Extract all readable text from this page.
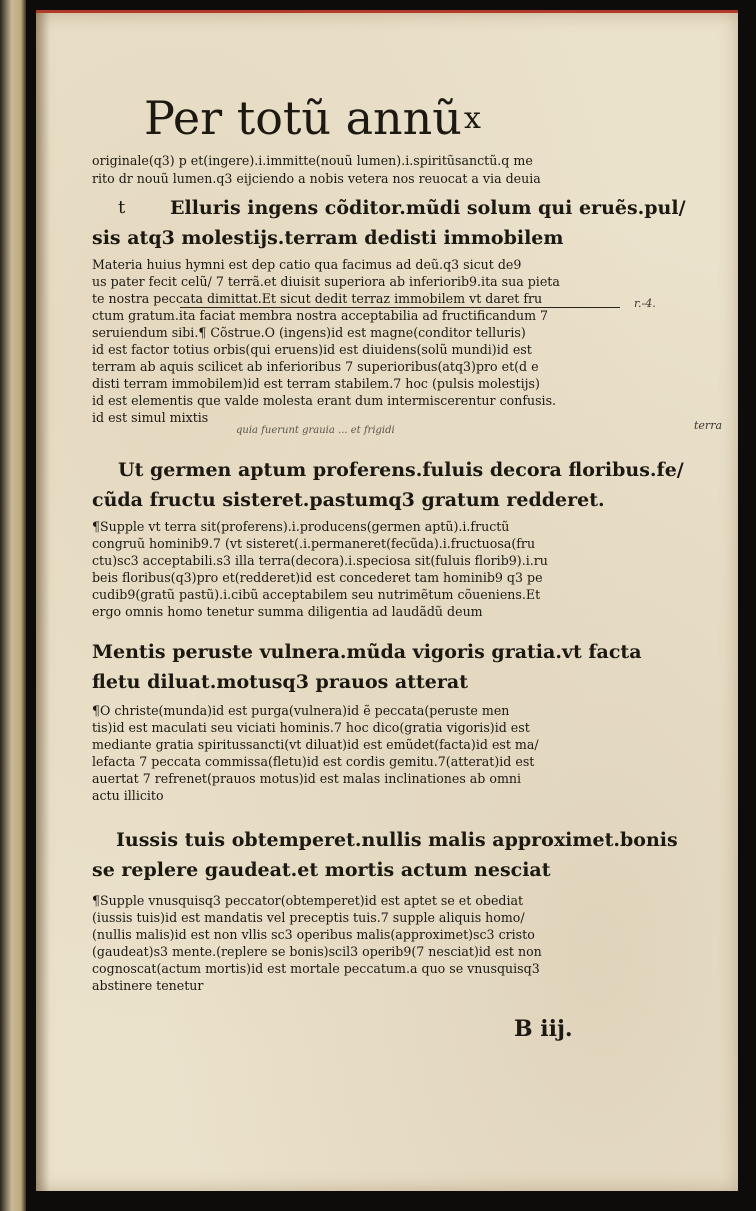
Per totũ annũ x
originale(q3) p et(ingere).i.immitte(nouũ lumen).i.spiritũsanctũ.q me
rito dr nouũ lumen.q3 eijciendo a nobis vetera nos reuocat a via deuia
t Elluris ingens cõditor.mũdi solum qui eruẽs.pul/
sis atq3 molestijs.terram dedisti immobilem
Materia huius hymni est dep catio qua facimus ad deũ.q3 sicut de9
us pater fecit celũ/ 7 terrã.et diuisit superiora ab inferiorib9.ita sua pieta
te nostra peccata dimittat.Et sicut dedit terraz immobilem vt daret fru
ctum gratum.ita faciat membra nostra acceptabilia ad fructificandum 7
seruiendum sibi.¶ Cõstrue.O (ingens)id est magne(conditor telluris)
id est factor totius orbis(qui eruens)id est diuidens(solũ mundi)id est
terram ab aquis scilicet ab inferioribus 7 superioribus(atq3)pro et(d e
disti terram immobilem)id est terram stabilem.7 hoc (pulsis molestijs)
id est elementis que valde molesta erant dum intermiscerentur confusis.
id est simul mixtis
quia fuerunt grauia ... et frigidi
r.-4.
terra
Ut germen aptum proferens.fuluis decora floribus.fe/
cũda fructu sisteret.pastumq3 gratum redderet.
¶Supple vt terra sit(proferens).i.producens(germen aptũ).i.fructũ
congruũ hominib9.7 (vt sisteret(.i.permaneret(fecũda).i.fructuosa(fru
ctu)sc3 acceptabili.s3 illa terra(decora).i.speciosa sit(fuluis florib9).i.ru
beis floribus(q3)pro et(redderet)id est concederet tam hominib9 q3 pe
cudib9(gratũ pastũ).i.cibũ acceptabilem seu nutrimẽtum cõueniens.Et
ergo omnis homo tenetur summa diligentia ad laudãdũ deum
Mentis peruste vulnera.mũda vigoris gratia.vt facta
fletu diluat.motusq3 prauos atterat
¶O christe(munda)id est purga(vulnera)id ẽ peccata(peruste men
tis)id est maculati seu viciati hominis.7 hoc dico(gratia vigoris)id est
mediante gratia spiritussancti(vt diluat)id est emũdet(facta)id est ma/
lefacta 7 peccata commissa(fletu)id est cordis gemitu.7(atterat)id est
auertat 7 refrenet(prauos motus)id est malas inclinationes ab omni
actu illicito
Iussis tuis obtemperet.nullis malis approximet.bonis
se replere gaudeat.et mortis actum nesciat
¶Supple vnusquisq3 peccator(obtemperet)id est aptet se et obediat
(iussis tuis)id est mandatis vel preceptis tuis.7 supple aliquis homo/
(nullis malis)id est non vllis sc3 operibus malis(approximet)sc3 cristo
(gaudeat)s3 mente.(replere se bonis)scil3 operib9(7 nesciat)id est non
cognoscat(actum mortis)id est mortale peccatum.a quo se vnusquisq3
abstinere tenetur
B iij.
